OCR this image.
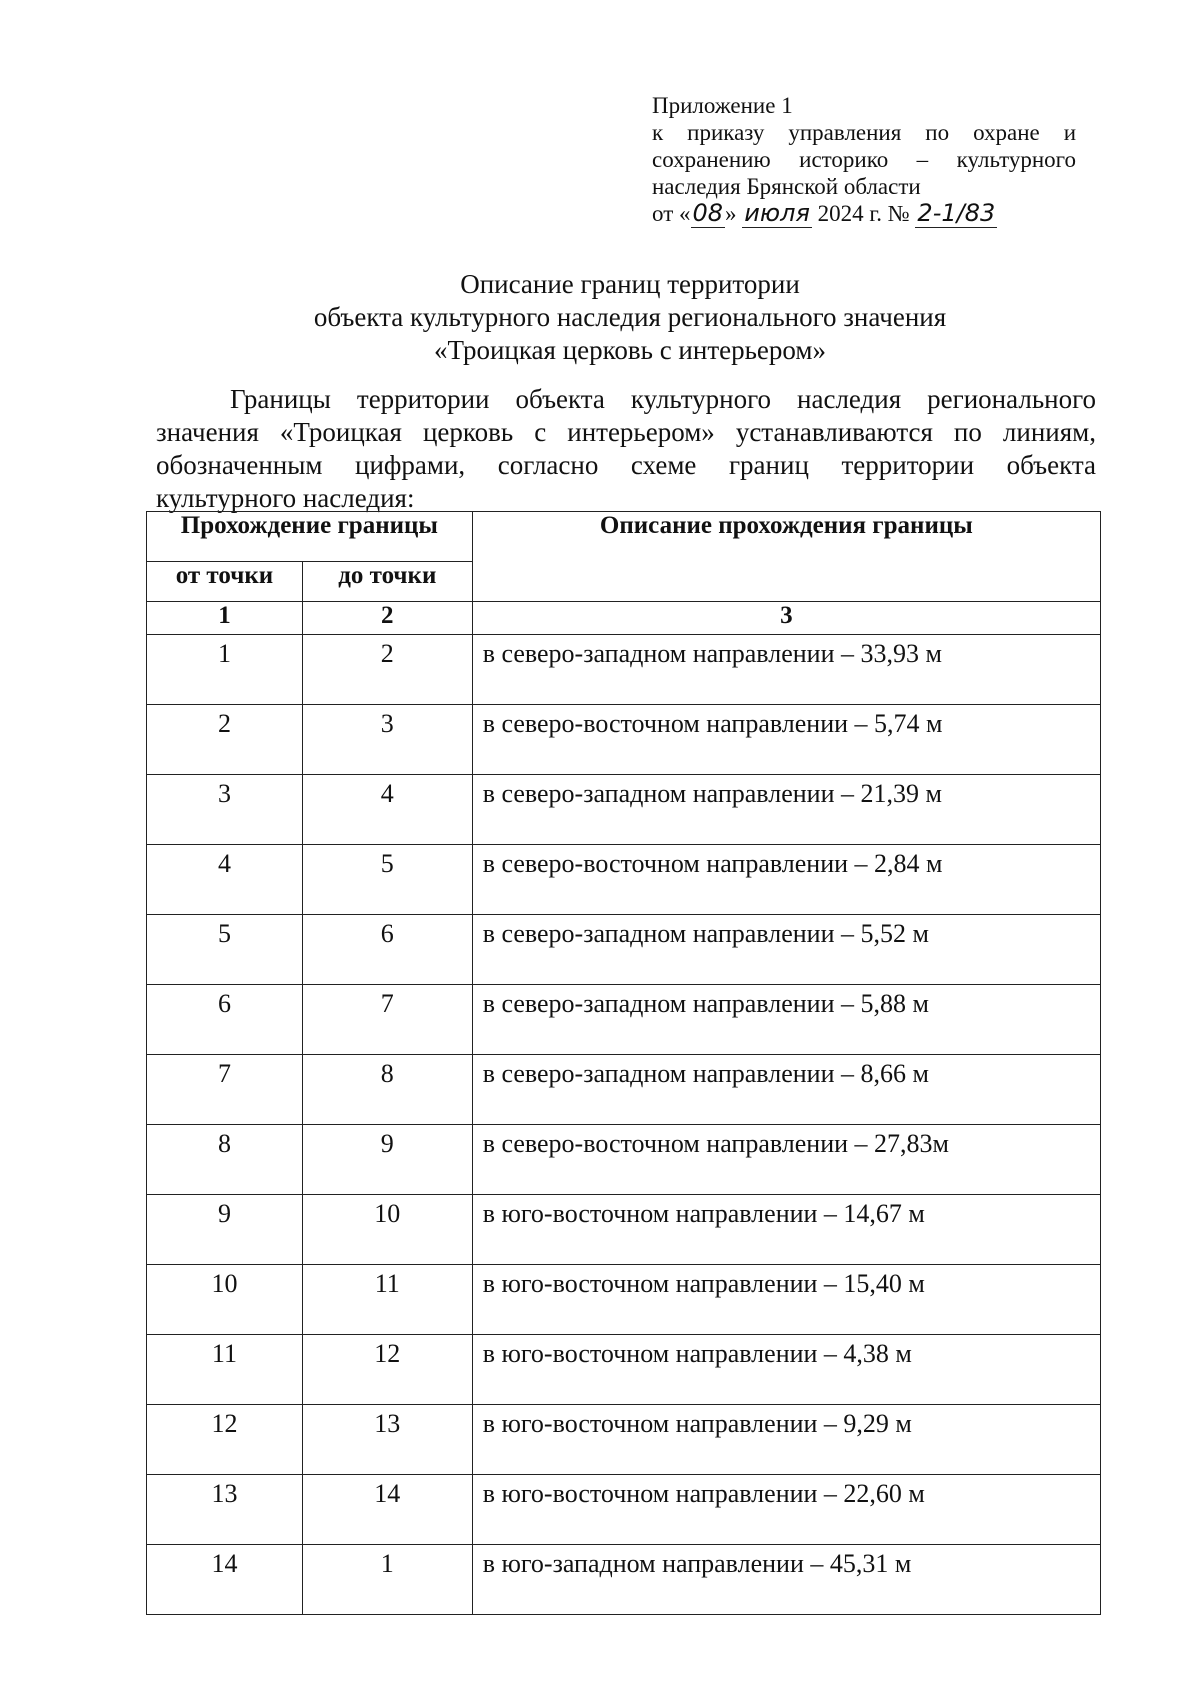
Приложение 1
к приказу управления по охране и
сохранению историко – культурного
наследия Брянской области
от «08» июля 2024 г. № 2-1/83
Описание границ территории
объекта культурного наследия регионального значения
«Троицкая церковь с интерьером»
Границы территории объекта культурного наследия регионального
значения «Троицкая церковь с интерьером» устанавливаются по линиям,
обозначенным цифрами, согласно схеме границ территории объекта
культурного наследия:
Прохождение границы		Описание прохождения границы
от точки	до точки	
1	2	3
1	2	в северо-западном направлении – 33,93 м
2	3	в северо-восточном направлении – 5,74 м
3	4	в северо-западном направлении – 21,39 м
4	5	в северо-восточном направлении – 2,84 м
5	6	в северо-западном направлении – 5,52 м
6	7	в северо-западном направлении – 5,88 м
7	8	в северо-западном направлении – 8,66 м
8	9	в северо-восточном направлении – 27,83м
9	10	в юго-восточном направлении – 14,67 м
10	11	в юго-восточном направлении – 15,40 м
11	12	в юго-восточном направлении – 4,38 м
12	13	в юго-восточном направлении – 9,29 м
13	14	в юго-восточном направлении – 22,60 м
14	1	в юго-западном направлении – 45,31 м
